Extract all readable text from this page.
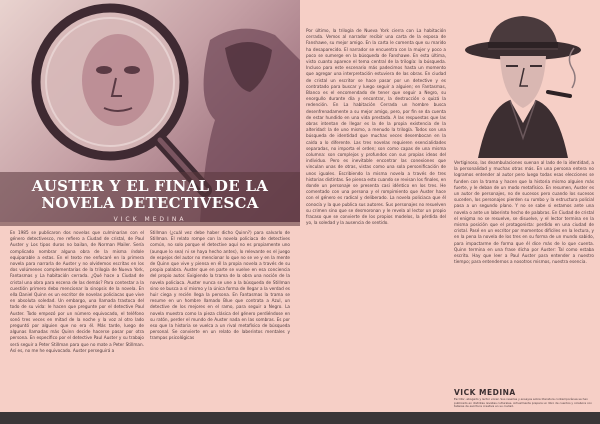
AUSTER Y EL FINAL DE LA NOVELA DETECTIVESCA
VICK MEDINA

En 1985 se publicaron dos novelas que culminarían con el género detectivesco, me refiero a Ciudad de cristal, de Paul Auster y Los tipos duros no bailan, de Norman Mailer. Sería complicado nombrar alguna obra de la misma índole equiparable a estas. En el texto me enfocaré en la primera novela para narrarla de Auster y no olvidemos escritas en los dos volúmenes complementarias de la trilogía de Nueva York, Fantasmas y La habitación cerrada. ¿Qué hace a Ciudad de cristal una obra para escena de las demás? Para contestar a la cuestión primero debo mencionar la sinopsis de la novela. En ella Daniel Quinn es un escritor de novelas policiacas que vive en absoluta soledad. Un embargo, una llamada trastoca del todo de su vida: le hacen que pregunte por el detective Paul Auster. Todo empezó por un número equivocado, el teléfono sonó tres veces en mitad de la noche y la voz al otro lado preguntó por alguien que no era él. Más tarde, luego de algunas llamadas más Quinn decide hacerse pasar por otra persona. En específico por el detective Paul Auster y su trabajo será seguir a Peter Stillman para que no mate a Peter Stillman. Así es, no me he equivocado. Auster perseguirá a

Stillman (¿cuál vez debe haber dicho Quinn?) para salvarlo de Stillman. El relato rompe con la novela policiaca de detectives común, no solo porque el detective aquí no es propiamente uno (aunque lo sea) ni se haya hecho antes), lo relevante es el juego de espejos del autor no mencionar lo que no se ve y en la mente de Quinn que vive y piensa en él la propia novela a través de su propia palabra. Auster que en parte se vuelve en esa conciencia del propio autor. Exigiendo la trama de la obra una noción de la novela policiaca. Auster nunca se une a la búsqueda de Stillman sino se busca a sí mismo y la única forma de llegar a la verdad es huir ciega y recién llega la persona. En Fantasmas la trama se resume en un hombre llamado Blue que contrata a Azul, un detective de los mejores en el ramo, para seguir a Negro. La novela muestra como la pieza clásica del género perdiéndose en su ratón, perder el mundo de Auster nada en las sombras. Es por eso que la historia se vuelca a un rival metafísico de búsqueda personal. Se convierte en un relato de laberintos mentales y trampas psicológicas

Por último, la trilogía de Nueva York cierra con La habitación cerrada. Vemos al narrador recibir una carta de la esposa de Fanshawe, su mejor amigo. En la carta le comenta que su marido ha desaparecido. El narrador se encuentra con la mujer y poco a poco se sumerge en la búsqueda de Fanshawe. En esta última, visto cuanto aparece el tema central de la trilogía: la búsqueda. Incluso para este escenario más padecimos hasta un momento que agregar una interpretación estuviera de las obras. En ciudad de cristal un escritor se hace pasar por un detective y es contratado para buscar y luego seguir a alguien; en Fantasmas, Blanco es el encomendado de tener que seguir a Negro, su enorgullo durante día y encontrar, la destrucción o quizá la redención. En La habitación Cerrada un hombre busca desenfrenadamente a su mejor amigo, pero, por fin se da cuenta de estar hundido en una vida prestada. A las respuestas que las obras intentan de llegar es la de la propia existencia de la alteridad: la de uno mismo, a menudo la trilogía. Todos son una búsqueda de identidad que muchas veces desembocan en la caída a lo diferente. Las tres novelas requieren esencialidades separadas, no importa el orden; son como capas de una misma columna: son complejos y profundos con sus propias ideas del individuo. Pero es inevitable encontrar las conexiones que vinculan unas de otras, vistas como una sola personificación de unos iguales. Escribiendo la misma novela a través de tres historias distintas. Se piensa esto cuando se revisan los finales, en donde un personaje se presenta casi idéntico en los tres. He comentado con una persona y el rompimiento que Auster hace con el género es radical y deliberado. La novela policiaca que él conocía y la que publica sus autores. Sus personajes no resuelven su crimen sino que se desmoronan y le revela al lector un propio fracaso que se convierte de los propios modelos, la pérdida del yo, la soledad y la ausencia de sentido.

Vertiginoso, las deambulaciones suenan al lado de la identidad, a la personalidad y muchas otras más. En una persona entera no logramos entender al autor pero luego todas esas elecciones se funden con la trama y hacen que la historia mismo alguien más fuerte, y le deban de un modo metafísico. En resumen, Auster es un autor de personajes, no de sucesos pero cuando los sucesos suceden, los personajes pierden su rumbo y la estructura policial pasa a un segundo plano. Y no se sabe si estamos ante una novela o ante un laberinto hecho de palabras. En Ciudad de cristal el enigma no se resuelve, se disuelve, y el lector termina en la misma posición que el protagonista: perdido en una ciudad de cristal. Pasé en un escritor por momentos difíciles en la lectura, y en la pena la novela de los tres en su forma de un mundo sabido, para impactarme de forma que él dice más de lo que cuenta. Quinn termina en una frase dicha por Auster: Tal como estaba escrito. Hay que leer a Paul Auster para entender a nuestro tiempo; para entendernos a nosotros mismos, nuestra esencia.

VICK MEDINA
Escritor, abogado y lector voraz. Sus reseñas y ensayos sobre literatura contemporánea se han publicado en distintas revistas culturales. Actualmente prepara un libro de cuentos y colabora con talleres de escritura creativa en su ciudad.
